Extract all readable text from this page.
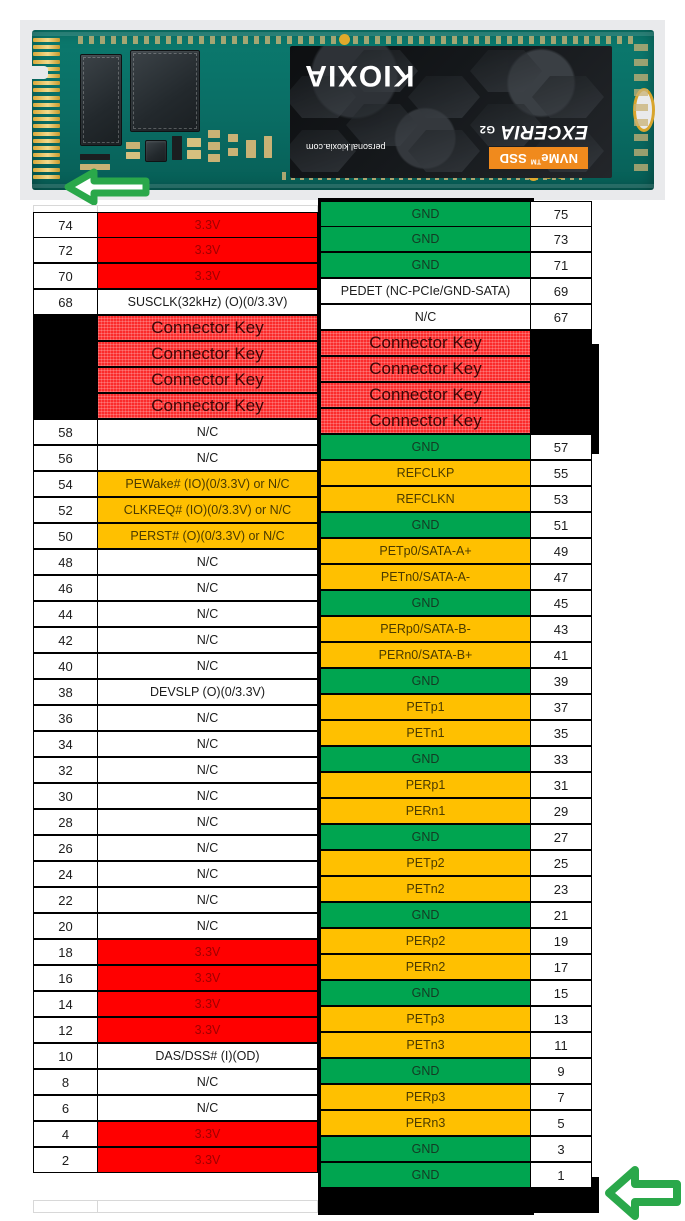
NVMe™ SSD
EXCERIA G2
personal.kioxia.com
KIOXIA
74	3.3V
72	3.3V
70	3.3V
68	SUSCLK(32kHz) (O)(0/3.3V)
Connector Key
Connector Key
Connector Key
Connector Key
58	N/C
56	N/C
54	PEWake# (IO)(0/3.3V) or N/C
52	CLKREQ# (IO)(0/3.3V) or N/C
50	PERST# (O)(0/3.3V) or N/C
48	N/C
46	N/C
44	N/C
42	N/C
40	N/C
38	DEVSLP (O)(0/3.3V)
36	N/C
34	N/C
32	N/C
30	N/C
28	N/C
26	N/C
24	N/C
22	N/C
20	N/C
18	3.3V
16	3.3V
14	3.3V
12	3.3V
10	DAS/DSS# (I)(OD)
8	N/C
6	N/C
4	3.3V
2	3.3V
GND	75
GND	73
GND	71
PEDET (NC-PCIe/GND-SATA)	69
N/C	67
Connector Key
Connector Key
Connector Key
Connector Key
GND	57
REFCLKP	55
REFCLKN	53
GND	51
PETp0/SATA-A+	49
PETn0/SATA-A-	47
GND	45
PERp0/SATA-B-	43
PERn0/SATA-B+	41
GND	39
PETp1	37
PETn1	35
GND	33
PERp1	31
PERn1	29
GND	27
PETp2	25
PETn2	23
GND	21
PERp2	19
PERn2	17
GND	15
PETp3	13
PETn3	11
GND	9
PERp3	7
PERn3	5
GND	3
GND	1
